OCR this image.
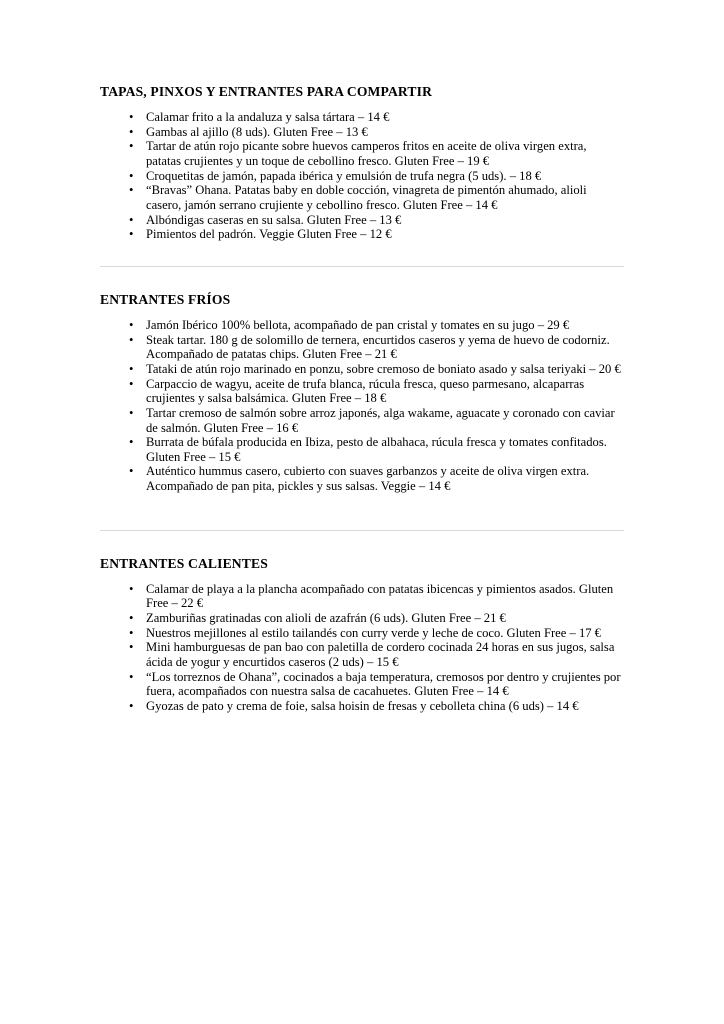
TAPAS, PINXOS Y ENTRANTES PARA COMPARTIR
• Calamar frito a la andaluza y salsa tártara – 14 €
• Gambas al ajillo (8 uds). Gluten Free – 13 €
• Tartar de atún rojo picante sobre huevos camperos fritos en aceite de oliva virgen extra, patatas crujientes y un toque de cebollino fresco. Gluten Free – 19 €
• Croquetitas de jamón, papada ibérica y emulsión de trufa negra (5 uds). – 18 €
• “Bravas” Ohana. Patatas baby en doble cocción, vinagreta de pimentón ahumado, alioli casero, jamón serrano crujiente y cebollino fresco. Gluten Free – 14 €
• Albóndigas caseras en su salsa. Gluten Free – 13 €
• Pimientos del padrón. Veggie Gluten Free – 12 €
ENTRANTES FRÍOS
• Jamón Ibérico 100% bellota, acompañado de pan cristal y tomates en su jugo – 29 €
• Steak tartar. 180 g de solomillo de ternera, encurtidos caseros y yema de huevo de codorniz. Acompañado de patatas chips. Gluten Free – 21 €
• Tataki de atún rojo marinado en ponzu, sobre cremoso de boniato asado y salsa teriyaki – 20 €
• Carpaccio de wagyu, aceite de trufa blanca, rúcula fresca, queso parmesano, alcaparras crujientes y salsa balsámica. Gluten Free – 18 €
• Tartar cremoso de salmón sobre arroz japonés, alga wakame, aguacate y coronado con caviar de salmón. Gluten Free – 16 €
• Burrata de búfala producida en Ibiza, pesto de albahaca, rúcula fresca y tomates confitados. Gluten Free – 15 €
• Auténtico hummus casero, cubierto con suaves garbanzos y aceite de oliva virgen extra. Acompañado de pan pita, pickles y sus salsas. Veggie – 14 €
ENTRANTES CALIENTES
• Calamar de playa a la plancha acompañado con patatas ibicencas y pimientos asados. Gluten Free – 22 €
• Zamburiñas gratinadas con alioli de azafrán (6 uds). Gluten Free – 21 €
• Nuestros mejillones al estilo tailandés con curry verde y leche de coco. Gluten Free – 17 €
• Mini hamburguesas de pan bao con paletilla de cordero cocinada 24 horas en sus jugos, salsa ácida de yogur y encurtidos caseros (2 uds) – 15 €
• “Los torreznos de Ohana”, cocinados a baja temperatura, cremosos por dentro y crujientes por fuera, acompañados con nuestra salsa de cacahuetes. Gluten Free – 14 €
• Gyozas de pato y crema de foie, salsa hoisin de fresas y cebolleta china (6 uds) – 14 €
